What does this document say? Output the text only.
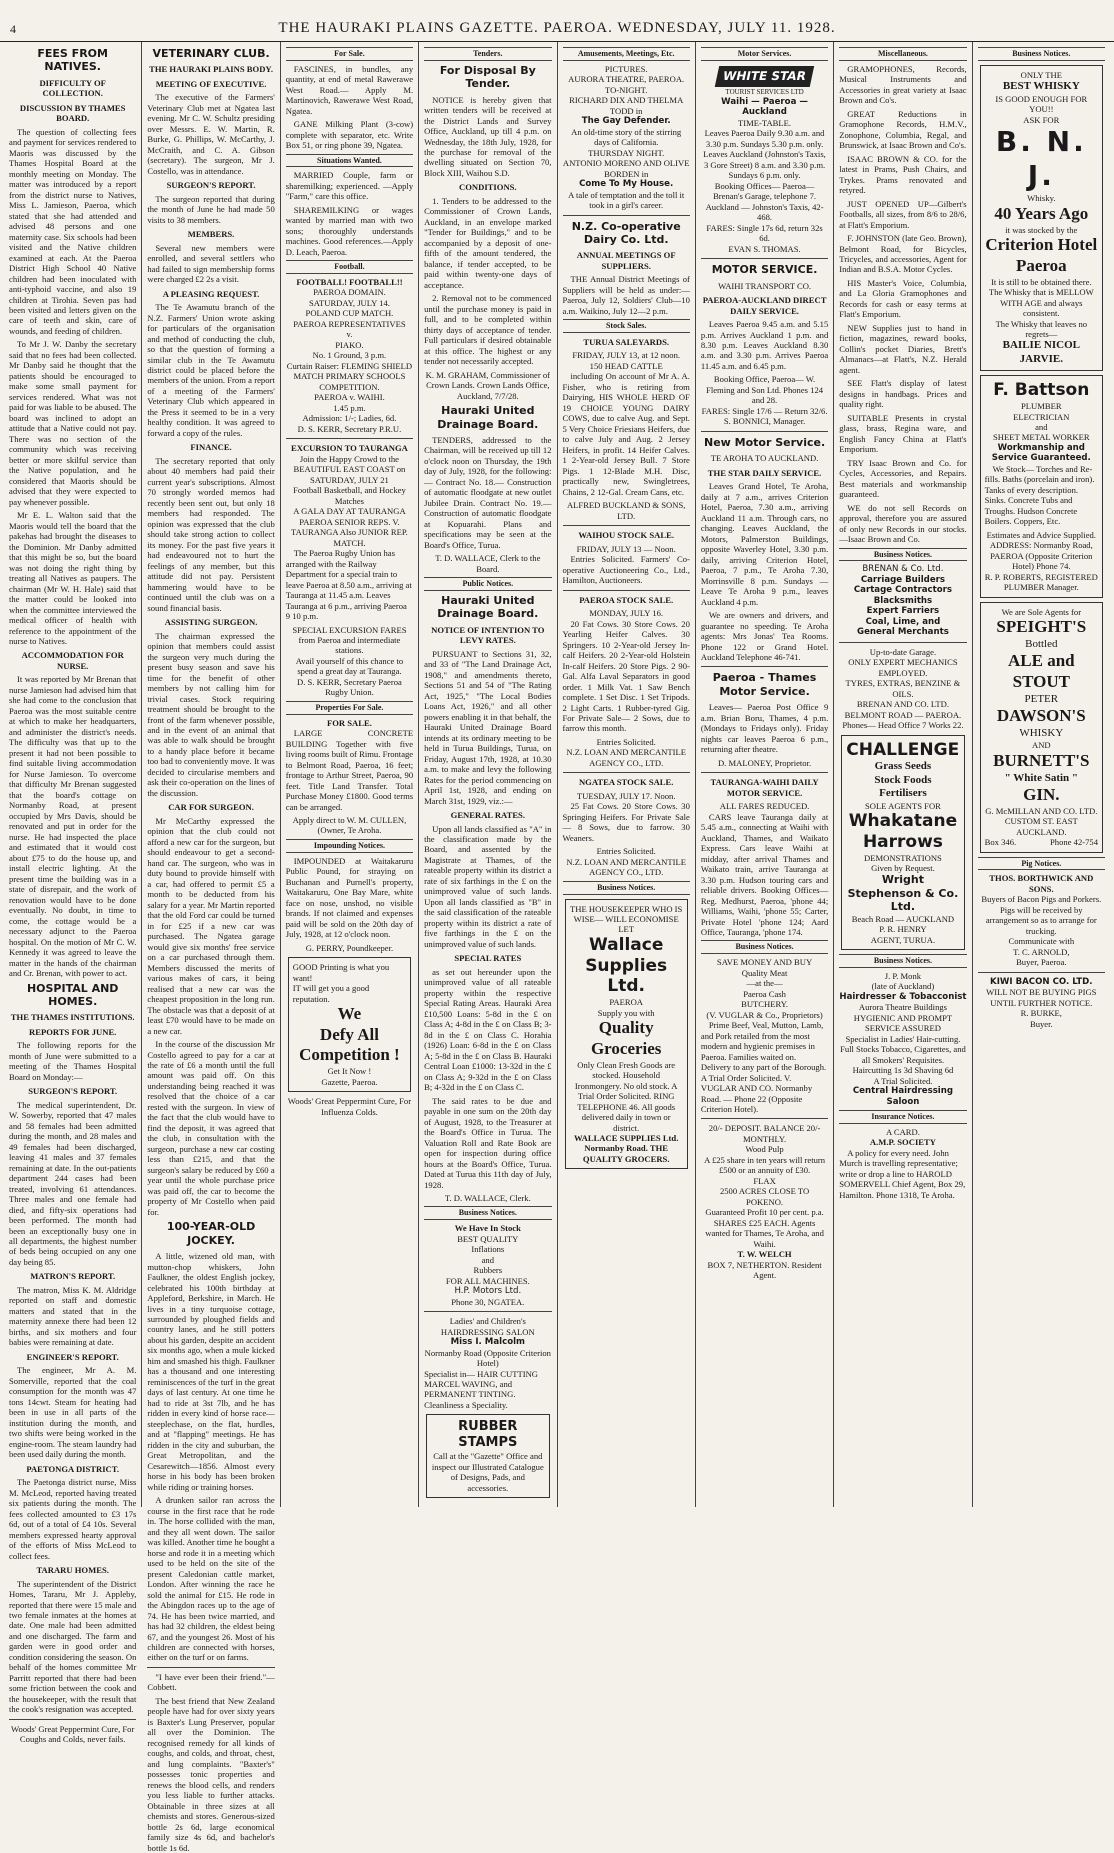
4	THE HAURAKI PLAINS GAZETTE. PAEROA. WEDNESDAY, JULY 11. 1928.
FEES FROM NATIVES.
DIFFICULTY OF COLLECTION.
DISCUSSION BY THAMES BOARD.

The question of collecting fees and payment for services rendered to Maoris was discussed by the Thames Hospital Board at the monthly meeting on Monday. The matter was introduced by a report from the district nurse to Natives, Miss L. Jamieson, Paeroa, which stated that she had attended and advised 48 persons and one maternity case. Six schools had been visited and the Native children examined at each. At the Paeroa District High School 40 Native children had been inoculated with anti-typhoid vaccine, and also 19 children at Tirohia. Seven pas had been visited and letters given on the care of teeth and skin, care of wounds, and feeding of children.

To Mr J. W. Danby the secretary said that no fees had been collected. Mr Danby said he thought that the patients should be encouraged to make some small payment for services rendered. What was not paid for was liable to be abused. The board was inclined to adopt an attitude that a Native could not pay. There was no section of the community which was receiving better or more skilful service than the Native population, and he considered that Maoris should be advised that they were expected to pay whenever possible.

Mr E. L. Walton said that the Maoris would tell the board that the pakehas had brought the diseases to the Dominion. Mr Danby admitted that this might be so, but the board was not doing the right thing by treating all Natives as paupers. The chairman (Mr W. H. Hale) said that the matter could be looked into when the committee interviewed the medical officer of health with reference to the appointment of the nurse to Natives.

ACCOMMODATION FOR NURSE.

It was reported by Mr Brenan that nurse Jamieson had advised him that she had come to the conclusion that Paeroa was the most suitable centre at which to make her headquarters, and administer the district's needs. The difficulty was that up to the present it had not been possible to find suitable living accommodation for Nurse Jamieson. To overcome that difficulty Mr Brenan suggested that the board's cottage on Normanby Road, at present occupied by Mrs Davis, should be renovated and put in order for the nurse. He had inspected the place and estimated that it would cost about £75 to do the house up, and install electric lighting. At the present time the building was in a state of disrepair, and the work of renovation would have to be done eventually. No doubt, in time to come, the cottage would be a necessary adjunct to the Paeroa hospital. On the motion of Mr C. W. Kennedy it was agreed to leave the matter in the hands of the chairman and Cr. Brenan, with power to act.

HOSPITAL AND HOMES.
THE THAMES INSTITUTIONS.
REPORTS FOR JUNE.

The following reports for the month of June were submitted to a meeting of the Thames Hospital Board on Monday:—

SURGEON'S REPORT.

The medical superintendent, Dr. W. Sowerby, reported that 47 males and 58 females had been admitted during the month, and 28 males and 49 females had been discharged, leaving 41 males and 37 females remaining at date. In the out-patients department 244 cases had been treated, involving 61 attendances. Three males and one female had died, and fifty-six operations had been performed. The month had been an exceptionally busy one in all departments, the highest number of beds being occupied on any one day being 85.

MATRON'S REPORT.

The matron, Miss K. M. Aldridge reported on staff and domestic matters and stated that in the maternity annexe there had been 12 births, and six mothers and four babies were remaining at date.

ENGINEER'S REPORT.

The engineer, Mr A. M. Somerville, reported that the coal consumption for the month was 47 tons 14cwt. Steam for heating had been in use in all parts of the institution during the month, and two shifts were being worked in the engine-room. The steam laundry had been used daily during the month.

PAETONGA DISTRICT.

The Paetonga district nurse, Miss M. McLeod, reported having treated six patients during the month. The fees collected amounted to £3 17s 6d, out of a total of £4 10s. Several members expressed hearty approval of the efforts of Miss McLeod to collect fees.

TARARU HOMES.

The superintendent of the District Homes, Tararu, Mr J. Appleby, reported that there were 15 male and two female inmates at the homes at date. One male had been admitted and one discharged. The farm and garden were in good order and condition considering the season. On behalf of the homes committee Mr Parritt reported that there had been some friction between the cook and the housekeeper, with the result that the cook's resignation was accepted.

Woods' Great Peppermint Cure, For Coughs and Colds, never fails.
VETERINARY CLUB.
THE HAURAKI PLAINS BODY.
MEETING OF EXECUTIVE.

The executive of the Farmers' Veterinary Club met at Ngatea last evening. Mr C. W. Schultz presiding over Messrs. E. W. Martin, R. Burke, G. Phillips, W. McCarthy, J. McCraith, and C. A. Gibson (secretary). The surgeon, Mr J. Costello, was in attendance.

SURGEON'S REPORT.

The surgeon reported that during the month of June he had made 50 visits to 38 members.

MEMBERS.

Several new members were enrolled, and several settlers who had failed to sign membership forms were charged £2 2s a visit.

A PLEASING REQUEST.

The Te Awamutu branch of the N.Z. Farmers' Union wrote asking for particulars of the organisation and method of conducting the club, so that the question of forming a similar club in the Te Awamutu district could be placed before the members of the union. From a report of a meeting of the Farmers' Veterinary Club which appeared in the Press it seemed to be in a very healthy condition. It was agreed to forward a copy of the rules.

FINANCE.

The secretary reported that only about 40 members had paid their current year's subscriptions. Almost 70 strongly worded memos had recently been sent out, but only 18 members had responded. The opinion was expressed that the club should take strong action to collect its money. For the past five years it had endeavoured not to hurt the feelings of any member, but this attitude did not pay. Persistent hammering would have to be continued until the club was on a sound financial basis.

ASSISTING SURGEON.

The chairman expressed the opinion that members could assist the surgeon very much during the present busy season and save his time for the benefit of other members by not calling him for trivial cases. Stock requiring treatment should be brought to the front of the farm whenever possible, and in the event of an animal that was able to walk should be brought to a handy place before it became too bad to conveniently move. It was decided to circularise members and ask their co-operation on the lines of the discussion.

CAR FOR SURGEON.

Mr McCarthy expressed the opinion that the club could not afford a new car for the surgeon, but should endeavour to get a second-hand car. The surgeon, who was in duty bound to provide himself with a car, had offered to permit £5 a month to be deducted from his salary for a year. Mr Martin reported that the old Ford car could be turned in for £25 if a new car was purchased. The Ngatea garage would give six months' free service on a car purchased through them. Members discussed the merits of various makes of cars, it being realised that a new car was the cheapest proposition in the long run. The obstacle was that a deposit of at least £70 would have to be made on a new car.

In the course of the discussion Mr Costello agreed to pay for a car at the rate of £6 a month until the full amount was paid off. On this understanding being reached it was resolved that the choice of a car rested with the surgeon. In view of the fact that the club would have to find the deposit, it was agreed that the club, in consultation with the surgeon, purchase a new car costing less than £215, and that the surgeon's salary be reduced by £60 a year until the whole purchase price was paid off, the car to become the property of Mr Costello when paid for.

100-YEAR-OLD JOCKEY.

A little, wizened old man, with mutton-chop whiskers, John Faulkner, the oldest English jockey, celebrated his 100th birthday at Appleford, Berkshire, in March. He lives in a tiny turquoise cottage, surrounded by ploughed fields and country lanes, and he still potters about his garden, despite an accident six months ago, when a mule kicked him and smashed his thigh. Faulkner has a thousand and one interesting reminiscences of the turf in the great days of last century. At one time he had to ride at 3st 7lb, and he has ridden in every kind of horse race—steeplechase, on the flat, hurdles, and at "flapping" meetings. He has ridden in the city and suburban, the Great Metropolitan, and the Cesarewitch—1856. Almost every horse in his body has been broken while riding or training horses.

A drunken sailor ran across the course in the first race that he rode in. The horse collided with the man, and they all went down. The sailor was killed. Another time he bought a horse and rode it in a meeting which used to be held on the site of the present Caledonian cattle market, London. After winning the race he sold the animal for £15. He rode in the Abingdon races up to the age of 74. He has been twice married, and has had 32 children, the eldest being 67, and the youngest 26. Most of his children are connected with horses, either on the turf or on farms.

"I have ever been their friend."—Cobbett.

The best friend that New Zealand people have had for over sixty years is Baxter's Lung Preserver, popular all over the Dominion. The recognised remedy for all kinds of coughs, and colds, and throat, chest, and lung complaints. "Baxter's" possesses tonic properties and renews the blood cells, and renders you less liable to further attacks. Obtainable in three sizes at all chemists and stores. Generous-sized bottle 2s 6d, large economical family size 4s 6d, and bachelor's bottle 1s 6d.

For Sale.

FASCINES, in bundles, any quantity, at end of metal Rawerawe West Road.— Apply M. Martinovich, Rawerawe West Road, Ngatea.

GANE Milking Plant (3-cow) complete with separator, etc. Write Box 51, or ring phone 39, Ngatea.

Situations Wanted.

MARRIED Couple, farm or sharemilking; experienced. —Apply "Farm," care this office.

SHAREMILKING or wages wanted by married man with two sons; thoroughly understands machines. Good references.—Apply D. Leach, Paeroa.

Football.
FOOTBALL! FOOTBALL!!
PAEROA DOMAIN.
SATURDAY, JULY 14.
POLAND CUP MATCH.
PAEROA REPRESENTATIVES
v.
PIAKO.
No. 1 Ground, 3 p.m.
Curtain Raiser: FLEMING SHIELD MATCH PRIMARY SCHOOLS COMPETITION.
PAEROA v. WAIHI.
1.45 p.m.
Admission: 1/-; Ladies, 6d.
D. S. KERR, Secretary P.R.U.
EXCURSION TO TAURANGA
Join the Happy Crowd to the BEAUTIFUL EAST COAST on
SATURDAY, JULY 21
Football Basketball, and Hockey Matches
A GALA DAY AT TAURANGA
PAEROA SENIOR REPS. V. TAURANGA Also JUNIOR REP. MATCH.

The Paeroa Rugby Union has arranged with the Railway Department for a special train to leave Paeroa at 8.50 a.m., arriving at Tauranga at 11.45 a.m. Leaves Tauranga at 6 p.m., arriving Paeroa 9 10 p.m.

SPECIAL EXCURSION FARES from Paeroa and intermediate stations.
Avail yourself of this chance to spend a great day at Tauranga.
D. S. KERR, Secretary Paeroa Rugby Union.
Properties For Sale.
FOR SALE.

LARGE CONCRETE BUILDING Together with five living rooms built of Rimu. Frontage to Belmont Road, Paeroa, 16 feet; frontage to Arthur Street, Paeroa, 90 feet. Title Land Transfer. Total Purchase Money £1800. Good terms can be arranged.

Apply direct to W. M. CULLEN, (Owner, Te Aroha.
Impounding Notices.

IMPOUNDED at Waitakaruru Public Pound, for straying on Buchanan and Purnell's property, Waitakaruru, One Bay Mare, white face on nose, unshod, no visible brands. If not claimed and expenses paid will be sold on the 20th day of July, 1928, at 12 o'clock noon.

G. PERRY, Poundkeeper.
GOOD Printing is what you want!
IT will get you a good reputation.
We
Defy All
Competition !
Get It Now !
Gazette, Paeroa.
Woods' Great Peppermint Cure, For Influenza Colds.
Tenders.
For Disposal By Tender.

NOTICE is hereby given that written tenders will be received at the District Lands and Survey Office, Auckland, up till 4 p.m. on Wednesday, the 18th July, 1928, for the purchase for removal of the dwelling situated on Section 70, Block XIII, Waihou S.D.

CONDITIONS.

1. Tenders to be addressed to the Commissioner of Crown Lands, Auckland, in an envelope marked "Tender for Buildings," and to be accompanied by a deposit of one-fifth of the amount tendered, the balance, if tender accepted, to be paid within twenty-one days of acceptance.

2. Removal not to be commenced until the purchase money is paid in full, and to be completed within thirty days of acceptance of tender. Full particulars if desired obtainable at this office. The highest or any tender not necessarily accepted.

K. M. GRAHAM, Commissioner of Crown Lands. Crown Lands Office, Auckland, 7/7/28.
Hauraki United Drainage Board.

TENDERS, addressed to the Chairman, will be received up till 12 o'clock noon on Thursday, the 19th day of July, 1928, for the following:— Contract No. 18.— Construction of automatic floodgate at new outlet Jubilee Drain. Contract No. 19.— Construction of automatic floodgate at Kopuarahi. Plans and specifications may be seen at the Board's Office, Turua.

T. D. WALLACE, Clerk to the Board.
Public Notices.
Hauraki United Drainage Board.
NOTICE OF INTENTION TO LEVY RATES.

PURSUANT to Sections 31, 32, and 33 of "The Land Drainage Act, 1908," and amendments thereto, Sections 51 and 54 of "The Rating Act, 1925," "The Local Bodies Loans Act, 1926," and all other powers enabling it in that behalf, the Hauraki United Drainage Board intends at its ordinary meeting to be held in Turua Buildings, Turua, on Friday, August 17th, 1928, at 10.30 a.m. to make and levy the following Rates for the period commencing on April 1st, 1928, and ending on March 31st, 1929, viz.:—

GENERAL RATES.

Upon all lands classified as "A" in the classification made by the Board, and assented by the Magistrate at Thames, of the rateable property within its district a rate of six farthings in the £ on the unimproved value of such lands. Upon all lands classified as "B" in the said classification of the rateable property within its district a rate of five farthings in the £ on the unimproved value of such lands.

SPECIAL RATES

as set out hereunder upon the unimproved value of all rateable property within the respective Special Rating Areas. Hauraki Area £10,500 Loans: 5-8d in the £ on Class A; 4-8d in the £ on Class B; 3-8d in the £ on Class C. Horahia (1926) Loan: 6-8d in the £ on Class A; 5-8d in the £ on Class B. Hauraki Central Loan £1000: 13-32d in the £ on Class A; 9-32d in the £ on Class B; 4-32d in the £ on Class C.

The said rates to be due and payable in one sum on the 20th day of August, 1928, to the Treasurer at the Board's Office in Turua. The Valuation Roll and Rate Book are open for inspection during office hours at the Board's Office, Turua. Dated at Turua this 11th day of July, 1928.

T. D. WALLACE, Clerk.
Business Notices.
We Have In Stock
BEST QUALITY
Inflations
and
Rubbers
FOR ALL MACHINES.
H.P. Motors Ltd.
Phone 30, NGATEA.
Ladies' and Children's HAIRDRESSING SALON
Miss I. Malcolm
Normanby Road (Opposite Criterion Hotel)
Specialist in— HAIR CUTTING MARCEL WAVING, and PERMANENT TINTING. Cleanliness a Speciality.
RUBBER STAMPS
Call at the "Gazette" Office and inspect our Illustrated Catalogue of Designs, Pads, and accessories.
Amusements, Meetings, Etc.
PICTURES.
AURORA THEATRE, PAEROA.
TO-NIGHT.
RICHARD DIX AND THELMA TODD in
The Gay Defender.
An old-time story of the stirring days of California.
THURSDAY NIGHT.
ANTONIO MORENO AND OLIVE BORDEN in
Come To My House.
A tale of temptation and the toll it took in a girl's career.
N.Z. Co-operative Dairy Co. Ltd.
ANNUAL MEETINGS OF SUPPLIERS.

THE Annual District Meetings of Suppliers will be held as under:— Paeroa, July 12, Soldiers' Club—10 a.m. Waikino, July 12—2 p.m.

Stock Sales.
TURUA SALEYARDS.
FRIDAY, JULY 13, at 12 noon.
150 HEAD CATTLE

including On account of Mr A. A. Fisher, who is retiring from Dairying, HIS WHOLE HERD OF 19 CHOICE YOUNG DAIRY COWS, due to calve Aug. and Sept. 5 Very Choice Friesians Heifers, due to calve July and Aug. 2 Jersey Heifers, in profit. 14 Heifer Calves. 1 2-Year-old Jersey Bull. 7 Store Pigs. 1 12-Blade M.H. Disc, practically new, Swingletrees, Chains, 2 12-Gal. Cream Cans, etc.

ALFRED BUCKLAND & SONS, LTD.
WAIHOU STOCK SALE.
FRIDAY, JULY 13 — Noon.

Entries Solicited. Farmers' Co-operative Auctioneering Co., Ltd., Hamilton, Auctioneers.

PAEROA STOCK SALE.
MONDAY, JULY 16.

20 Fat Cows. 30 Store Cows. 20 Yearling Heifer Calves. 30 Springers. 10 2-Year-old Jersey In-calf Heifers. 20 2-Year-old Holstein In-calf Heifers. 20 Store Pigs. 2 90-Gal. Alfa Laval Separators in good order. 1 Milk Vat. 1 Saw Bench complete. 1 Set Disc. 1 Set Tripods. 2 Light Carts. 1 Rubber-tyred Gig. For Private Sale— 2 Sows, due to farrow this month.

Entries Solicited.
N.Z. LOAN AND MERCANTILE AGENCY CO., LTD.
NGATEA STOCK SALE.
TUESDAY, JULY 17. Noon.

25 Fat Cows. 20 Store Cows. 30 Springing Heifers. For Private Sale— 8 Sows, due to farrow. 30 Weaners.

Entries Solicited.
N.Z. LOAN AND MERCANTILE AGENCY CO., LTD.
Business Notices.
THE HOUSEKEEPER WHO IS WISE— WILL ECONOMISE
LET
Wallace Supplies Ltd.
PAEROA
Supply you with
Quality Groceries
Only Clean Fresh Goods are stocked. Household Ironmongery. No old stock. A Trial Order Solicited. RING TELEPHONE 46. All goods delivered daily in town or district.
WALLACE SUPPLIES Ltd. Normanby Road. THE QUALITY GROCERS.
Motor Services.
WHITE STAR
TOURIST SERVICES LTD
Waihi — Paeroa — Auckland
TIME-TABLE.
Leaves Paeroa Daily 9.30 a.m. and 3.30 p.m. Sundays 5.30 p.m. only.
Leaves Auckland (Johnston's Taxis, 3 Gore Street) 8 a.m. and 3.30 p.m. Sundays 6 p.m. only.
Booking Offices— Paeroa—Brenan's Garage, telephone 7. Auckland — Johnston's Taxis, 42-468.
FARES: Single 17s 6d, return 32s 6d.
EVAN S. THOMAS.
MOTOR SERVICE.
WAIHI TRANSPORT CO.
PAEROA-AUCKLAND DIRECT DAILY SERVICE.

Leaves Paeroa 9.45 a.m. and 5.15 p.m. Arrives Auckland 1 p.m. and 8.30 p.m. Leaves Auckland 8.30 a.m. and 3.30 p.m. Arrives Paeroa 11.45 a.m. and 6.45 p.m.

Booking Office, Paeroa— W. Fleming and Son Ltd. Phones 124 and 28.
FARES: Single 17/6 — Return 32/6.
S. BONNICI, Manager.
New Motor Service.
TE AROHA TO AUCKLAND.
THE STAR DAILY SERVICE.

Leaves Grand Hotel, Te Aroha, daily at 7 a.m., arrives Criterion Hotel, Paeroa, 7.30 a.m., arriving Auckland 11 a.m. Through cars, no changing. Leaves Auckland, the Motors, Palmerston Buildings, opposite Waverley Hotel, 3.30 p.m. daily, arriving Criterion Hotel, Paeroa, 7 p.m., Te Aroha 7.30, Morrinsville 8 p.m. Sundays — Leave Te Aroha 9 p.m., leaves Auckland 4 p.m.

We are owners and drivers, and guarantee no speeding. Te Aroha agents: Mrs Jonas' Tea Rooms. Phone 122 or Grand Hotel. Auckland Telephone 46-741.

Paeroa - Thames Motor Service.

Leaves— Paeroa Post Office 9 a.m. Brian Boru, Thames, 4 p.m. (Mondays to Fridays only). Friday nights car leaves Paeroa 6 p.m., returning after theatre.

D. MALONEY, Proprietor.
TAURANGA-WAIHI DAILY MOTOR SERVICE.
ALL FARES REDUCED.

CARS leave Tauranga daily at 5.45 a.m., connecting at Waihi with Auckland, Thames, and Waikato Express. Cars leave Waihi at midday, after arrival Thames and Waikato train, arrive Tauranga at 3.30 p.m. Hudson touring cars and reliable drivers. Booking Offices—Reg. Medhurst, Paeroa, 'phone 44; Williams, Waihi, 'phone 55; Carter, Private Hotel 'phone 124; Aard Office, Tauranga, 'phone 174.

Business Notices.
SAVE MONEY AND BUY
Quality Meat
—at the—
Paeroa Cash
BUTCHERY.
(V. VUGLAR & Co., Proprietors)

Prime Beef, Veal, Mutton, Lamb, and Pork retailed from the most modern and hygienic premises in Paeroa. Families waited on. Delivery to any part of the Borough. A Trial Order Solicited. V. VUGLAR AND CO. Normanby Road. — Phone 22 (Opposite Criterion Hotel).

20/- DEPOSIT. BALANCE 20/- MONTHLY.
Wood Pulp
A £25 share in ten years will return £500 or an annuity of £30.
FLAX
2500 ACRES CLOSE TO POKENO.
Guaranteed Profit 10 per cent. p.a. SHARES £25 EACH. Agents wanted for Thames, Te Aroha, and Waihi.
T. W. WELCH
BOX 7, NETHERTON. Resident Agent.
Miscellaneous.

GRAMOPHONES, Records, Musical Instruments and Accessories in great variety at Isaac Brown and Co's.

GREAT Reductions in Gramophone Records, H.M.V., Zonophone, Columbia, Regal, and Brunswick, at Isaac Brown and Co's.

ISAAC BROWN & CO. for the latest in Prams, Push Chairs, and Trykes. Prams renovated and retyred.

JUST OPENED UP—Gilbert's Footballs, all sizes, from 8/6 to 28/6, at Flatt's Emporium.

F. JOHNSTON (late Geo. Brown), Belmont Road, for Bicycles, Tricycles, and accessories, Agent for Indian and B.S.A. Motor Cycles.

HIS Master's Voice, Columbia, and La Gloria Gramophones and Records for cash or easy terms at Flatt's Emporium.

NEW Supplies just to hand in fiction, magazines, reward books, Collin's pocket Diaries, Brett's Almanacs—at Flatt's, N.Z. Herald agent.

SEE Flatt's display of latest designs in handbags. Prices and quality right.

SUITABLE Presents in crystal glass, brass, Regina ware, and English Fancy China at Flatt's Emporium.

TRY Isaac Brown and Co. for Cycles, Accessories, and Repairs. Best materials and workmanship guaranteed.

WE do not sell Records on approval, therefore you are assured of only new Records in our stocks.—Isaac Brown and Co.

Business Notices.
BRENAN & Co. Ltd.
Carriage Builders
Cartage Contractors
Blacksmiths
Expert Farriers
Coal, Lime, and
General Merchants
Up-to-date Garage.
ONLY EXPERT MECHANICS EMPLOYED.
TYRES, EXTRAS, BENZINE & OILS.
BRENAN AND CO. LTD.
BELMONT ROAD — PAEROA.
Phones— Head Office 7 Works 22.
CHALLENGE
Grass Seeds
Stock Foods
Fertilisers
SOLE AGENTS FOR
Whakatane
Harrows
DEMONSTRATIONS
Given by Request.
Wright Stephenson & Co. Ltd.
Beach Road — AUCKLAND
P. R. HENRY
AGENT, TURUA.
Business Notices.
J. P. Monk
(late of Auckland)
Hairdresser & Tobacconist
Aurora Theatre Buildings
HYGIENIC AND PROMPT SERVICE ASSURED
Specialist in Ladies' Hair-cutting. Full Stocks Tobacco, Cigarettes, and all Smokers' Requisites.
Haircutting 1s 3d Shaving 6d
A Trial Solicited.
Central Hairdressing Saloon
Insurance Notices.
A CARD.
A.M.P. SOCIETY

A policy for every need. John Murch is travelling representative; write or drop a line to HAROLD SOMERVELL Chief Agent, Box 29, Hamilton. Phone 1318, Te Aroha.

Business Notices.
ONLY THE
BEST WHISKY
IS GOOD ENOUGH FOR YOU!!
ASK FOR
B. N. J.
Whisky.
40 Years Ago
it was stocked by the
Criterion Hotel
Paeroa
It is still to be obtained there.
The Whisky that is MELLOW WITH AGE and always consistent.
The Whisky that leaves no regrets—
BAILIE NICOL JARVIE.
F. Battson
PLUMBER
ELECTRICIAN
and
SHEET METAL WORKER
Workmanship and Service Guaranteed.

We Stock— Torches and Re-fills. Baths (porcelain and iron). Tanks of every description. Sinks. Concrete Tubs and Troughs. Hudson Concrete Boilers. Coppers, Etc.

Estimates and Advice Supplied.
ADDRESS: Normanby Road, PAEROA (Opposite Criterion Hotel) Phone 74.
R. P. ROBERTS, REGISTERED PLUMBER Manager.
We are Sole Agents for
SPEIGHT'S
Bottled
ALE and STOUT
PETER
DAWSON'S
WHISKY
AND
BURNETT'S
" White Satin "
GIN.
G. McMILLAN AND CO. LTD.
CUSTOM ST. EAST
AUCKLAND.
Box 346.	Phone 42-754
Pig Notices.
THOS. BORTHWICK AND SONS.
Buyers of Bacon Pigs and Porkers.
Pigs will be received by arrangement so as to arrange for trucking.
Communicate with
T. C. ARNOLD,
Buyer, Paeroa.
KIWI BACON CO. LTD.
WILL NOT BE BUYING PIGS UNTIL FURTHER NOTICE.
R. BURKE,
Buyer.
